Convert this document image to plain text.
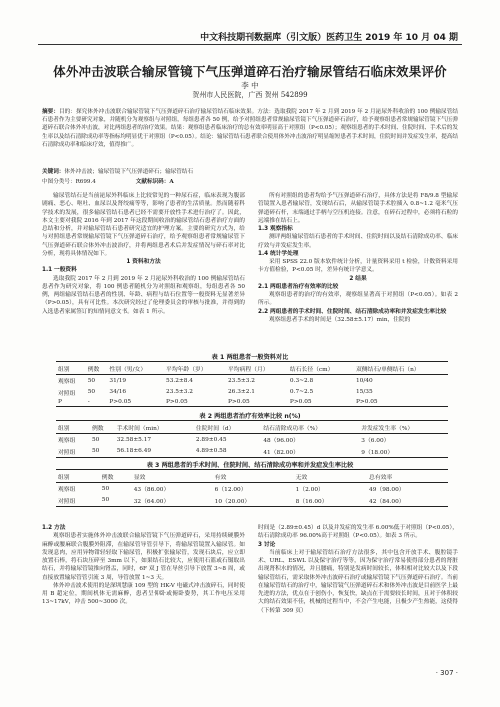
中文科技期刊数据库（引文版）医药卫生 2019 年 10 月 04 期
体外冲击波联合输尿管镜下气压弹道碎石治疗输尿管结石临床效果评价
李 中
贺州市人民医院，广西 贺州 542899
摘要：目的：探究体外冲击波联合输尿管镜下气压弹道碎石治疗输尿管结石临床效果。方法：选取我院 2017 年 2 月到 2019 年 2 月泌尿外科收治的 100 例输尿管结石患者作为主要研究对象，并随机分为观察组与对照组，每组患者各 50 例，给予对照组患者常规输尿管镜下气压弹道碎石治疗，给予观察组患者常规输尿管镜下气压弹道碎石联合体外冲击波，对比两组患者的治疗效果。结果：观察组患者临床治疗的总有效率明显高于对照组（P<0.05）；观察组患者的手术时间、住院时间、手术后的发生率以及结石清除成功率等指标均明显优于对照组（P<0.05）。结论：输尿管结石患者联合使用体外冲击波治疗明显缩短患者手术时间，住院时间并发症发生率，提高结石清除成功率和临床疗效，值得推广。
关键词：体外冲击波；输尿管镜下气压弹道碎石；输尿管结石
中图分类号：R699.4	文献标识码：A

输尿管结石是当前泌尿外科临床上比较常见的一种尿石症，临床表现为腹部剧痛、恶心、呕吐、血尿以及肾绞痛等等，影响了患者的生活质量。然而随着科学技术的发展，很多输尿管结石患者已经不需要开放性手术进行治疗了。因此，本文主要对我院 2016 年到 2017 年这段期间收治的输尿管结石患者治疗方面的总结和分析，并对输尿管结石患者研究适宜的护理方案。主要的研究方式为，给与对照组患者常规输尿管镜下气压弹道碎石治疗，给予观察组患者常规输尿管下气压弹道碎石联合体外冲击波治疗，并将两组患者术后并发症情况与碎石率对比分析，现将具体情况如下。

1 资料和方法

1.1 一般资料

选取我院 2017 年 2 月到 2019 年 2 月泌尿外科收治的 100 例输尿管结石患者作为研究对象，将 100 例患者随机分为对照组和观察组，每组患者各 50 例，两组输尿管结石患者的性别、年龄、病程与结石位置等一般资料无显著差异（P>0.05），具有可比性。本次研究经过了伦理委员会的审核与批准，并得到的入选患者家属签订的知情同意文书。如表 1 所示。

所有对照组的患者均给予气压弹道碎石治疗，具体方法是将 F8/9.8 型输尿管镜置入患者输尿管，发现结石后，从输尿管镜手术腔插入 0.8~1.2 毫米气压弹道碎石杆，末端通过手柄与空压机连接。注意，在碎石过程中，必须将石粒的远端推在结石上。

1.3 观察指标

测评两组输尿管结石患者的手术时间、住院时间以及结石清除成功率、临床疗效与并发症发生率。

1.4 统计学处理

采用 SPSS 22.0 版本软件统计分析，计量资料采用 t 检验，计数资料采用卡方值检验，P<0.05 时，差异有统计学意义。

2 结果

2.1 两组患者治疗有效率的比较

观察组患者的治疗的有效率，观察组显著高于对照组（P<0.05）。如表 2 所示。

2.2 两组患者的手术时间、住院时间、结石清除成功率和并发症发生率比较

观察组患者手术的时间是（32.58±5.17）min，住院的

表 1 两组患者一般资料对比
组别	例数	性别（男/女）	平均年龄（岁）	平均病程（月）	结石长径（cm）	双侧结石/单侧结石（n）
观察组	50	31/19	53.2±8.4	23.5±3.2	0.3~2.8	10/40
对照组	50	34/16	23.5±3.2	26.3±2.1	0.7~2.5	15/35
P	-	P>0.05	P>0.05	P>0.05	P>0.05	P>0.05
表 2 两组患者治疗有效率比较 n(%)
组别	例数	手术时间（min）	住院时间（d）	结石清除成功率（%）	并发症发生率（%）
观察组	50	32.58±5.17	2.89±0.45	48（96.00）	3（6.00）
对照组	50	56.18±6.49	4.89±0.58	41（82.00）	9（18.00）
表 3 两组患者的手术时间、住院时间、结石清除成功率和并发症发生率比较
组别	例数	显效	有效	无效	总有效率
观察组	50	43（86.00）	6（12.00）	1（2.00）	49（98.00）
对照组	50	32（64.00）	10（20.00）	8（16.00）	42（84.00）

1.2 方法

观察组患者实施体外冲击波联合输尿管镜下气压弹道碎石，采用持续硬膜外麻醉或腰麻联合腹膜外阻滞，在输尿管导管引导下，将输尿管镜置入输尿管。如发现息肉，应用异物钳轻轻取下输尿管，积极扩张输尿管，发现石块后，应立即放置石棒，将石块压碎至 3mm 以下，如果结石比较大，应使用石篮或石镊取出结石，并将输尿管镜推向肾盂，同时，6F 双 J 管在导丝引导下放置 3~8 周，或直接放置输尿管管引流 3 周，导管放置 1~3 天。

体外冲击波术使用的是深圳慧康 109 型的 HK-V 电磁式冲击波碎石，同时使用 B 超定位，期间机体无需麻醉，患者呈仰卧或俯卧姿势，其工作电压采用 13~17kV，冲击 500~3000 次。

时间是（2.89±0.45）d 以及并发症的发生率 6.00%低于对照组（P<0.05），结石清除成功率 96.00%高于对照组（P<0.05）。如表 3 所示。

3 讨论

当前临床上对于输尿管结石治疗方法很多，其中包含开放手术、腹腔镜手术、URL、ESWL 以及保守治疗等等，因为保守治疗常易使得部分患者的肾脏出现肾积水的情况，并且腰痛，特别是发病时间较长，体积相对比较大以及下段输尿管结石，需采取体外冲击波碎石治疗或输尿管镜下气压弹道碎石治疗。当前在输尿管结石的治疗中，输尿管镜气压弹道碎石术和体外冲击波是目前医学上最先进的方法，优点在于创伤小，恢复快，缺点在于需要较长时间，且对于体积较大的结石效果不佳，机械的过程当中，不会产生电能，且极少产生热能，这使得（下转第 309 页）

· 307 ·
